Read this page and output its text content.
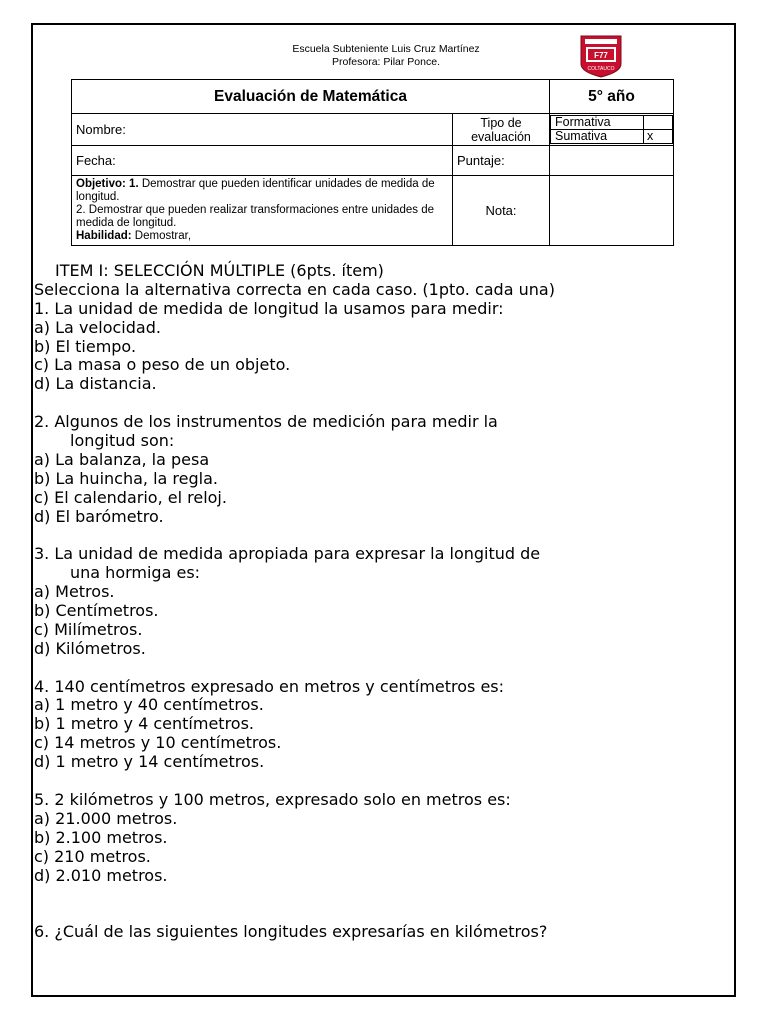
Escuela Subteniente Luis Cruz Martínez
Profesora: Pilar Ponce.
F77
COLTAUCO
Evaluación de Matemática	5° año
Nombre:	Tipo de evaluación	
Formativa	
Sumativa	x

Fecha:	Puntaje:	
Objetivo: 1. Demostrar que pueden identificar unidades de medida de longitud.
2. Demostrar que pueden realizar transformaciones entre unidades de medida de longitud.
Habilidad: Demostrar,	Nota:	
ITEM I: SELECCIÓN MÚLTIPLE (6pts. ítem)
Selecciona la alternativa correcta en cada caso. (1pto. cada una)
1. La unidad de medida de longitud la usamos para medir:
a) La velocidad.
b) El tiempo.
c) La masa o peso de un objeto.
d) La distancia.
2. Algunos de los instrumentos de medición para medir la
longitud son:
a) La balanza, la pesa
b) La huincha, la regla.
c) El calendario, el reloj.
d) El barómetro.
3. La unidad de medida apropiada para expresar la longitud de
una hormiga es:
a) Metros.
b) Centímetros.
c) Milímetros.
d) Kilómetros.
4. 140 centímetros expresado en metros y centímetros es:
a) 1 metro y 40 centímetros.
b) 1 metro y 4 centímetros.
c) 14 metros y 10 centímetros.
d) 1 metro y 14 centímetros.
5. 2 kilómetros y 100 metros, expresado solo en metros es:
a) 21.000 metros.
b) 2.100 metros.
c) 210 metros.
d) 2.010 metros.
6. ¿Cuál de las siguientes longitudes expresarías en kilómetros?
